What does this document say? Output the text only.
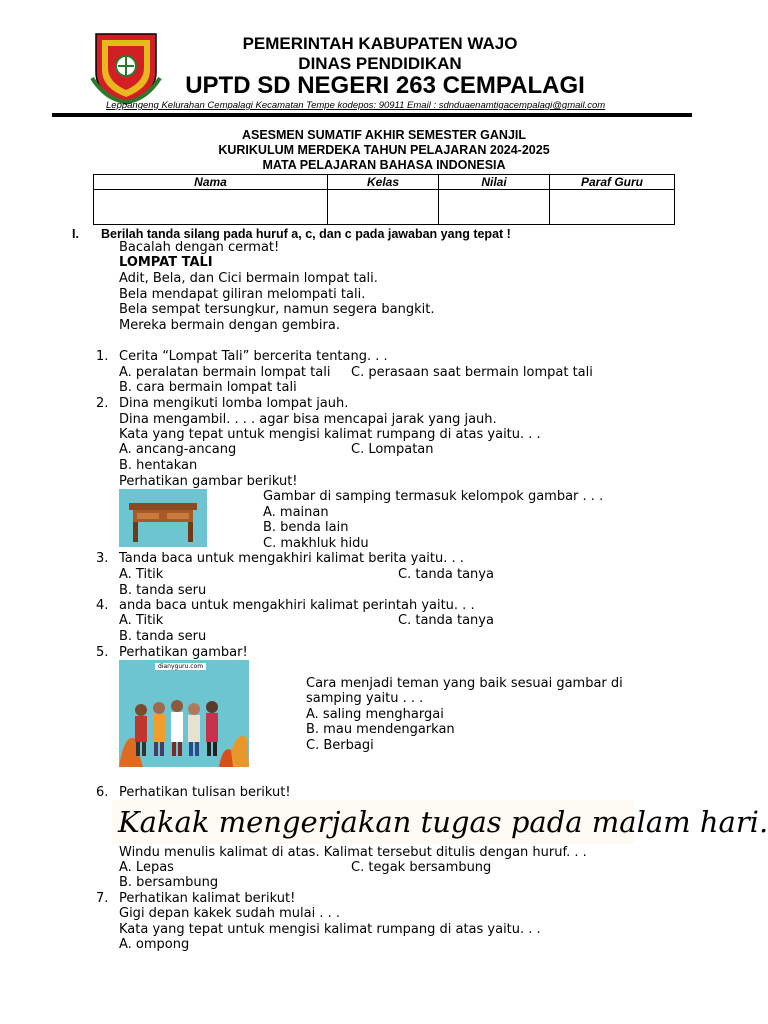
PEMERINTAH KABUPATEN WAJO
DINAS PENDIDIKAN
UPTD SD NEGERI 263 CEMPALAGI
Leppangeng Kelurahan Cempalagi Kecamatan Tempe kodepos: 90911 Email : sdnduaenamtigacempalagi@gmail.com
ASESMEN SUMATIF AKHIR SEMESTER GANJIL
KURIKULUM MERDEKA TAHUN PELAJARAN 2024-2025
MATA PELAJARAN BAHASA INDONESIA
Nama	Kelas	Nilai	Paraf Guru

I. Berilah tanda silang pada huruf a, c, dan c pada jawaban yang tepat !
Bacalah dengan cermat!
LOMPAT TALI
Adit, Bela, dan Cici bermain lompat tali.
Bela mendapat giliran melompati tali.
Bela sempat tersungkur, namun segera bangkit.
Mereka bermain dengan gembira.
1. Cerita “Lompat Tali” bercerita tentang. . .
A. peralatan bermain lompat tali C. perasaan saat bermain lompat tali
B. cara bermain lompat tali
2. Dina mengikuti lomba lompat jauh.
Dina mengambil. . . . agar bisa mencapai jarak yang jauh.
Kata yang tepat untuk mengisi kalimat rumpang di atas yaitu. . .
A. ancang-ancang	C. Lompatan
B. hentakan
Perhatikan gambar berikut!
Gambar di samping termasuk kelompok gambar . . .
A. mainan
B. benda lain
C. makhluk hidu
3. Tanda baca untuk mengakhiri kalimat berita yaitu. . .
A. Titik	C. tanda tanya
B. tanda seru
4. anda baca untuk mengakhiri kalimat perintah yaitu. . .
A. Titik	C. tanda tanya
B. tanda seru
5. Perhatikan gambar!
dianyguru.com
Cara menjadi teman yang baik sesuai gambar di
samping yaitu . . .
A. saling menghargai
B. mau mendengarkan
C. Berbagi
6. Perhatikan tulisan berikut!
Kakak mengerjakan tugas pada malam hari.
Windu menulis kalimat di atas. Kalimat tersebut ditulis dengan huruf. . .
A. Lepas	C. tegak bersambung
B. bersambung
7. Perhatikan kalimat berikut!
Gigi depan kakek sudah mulai . . .
Kata yang tepat untuk mengisi kalimat rumpang di atas yaitu. . .
A. ompong
